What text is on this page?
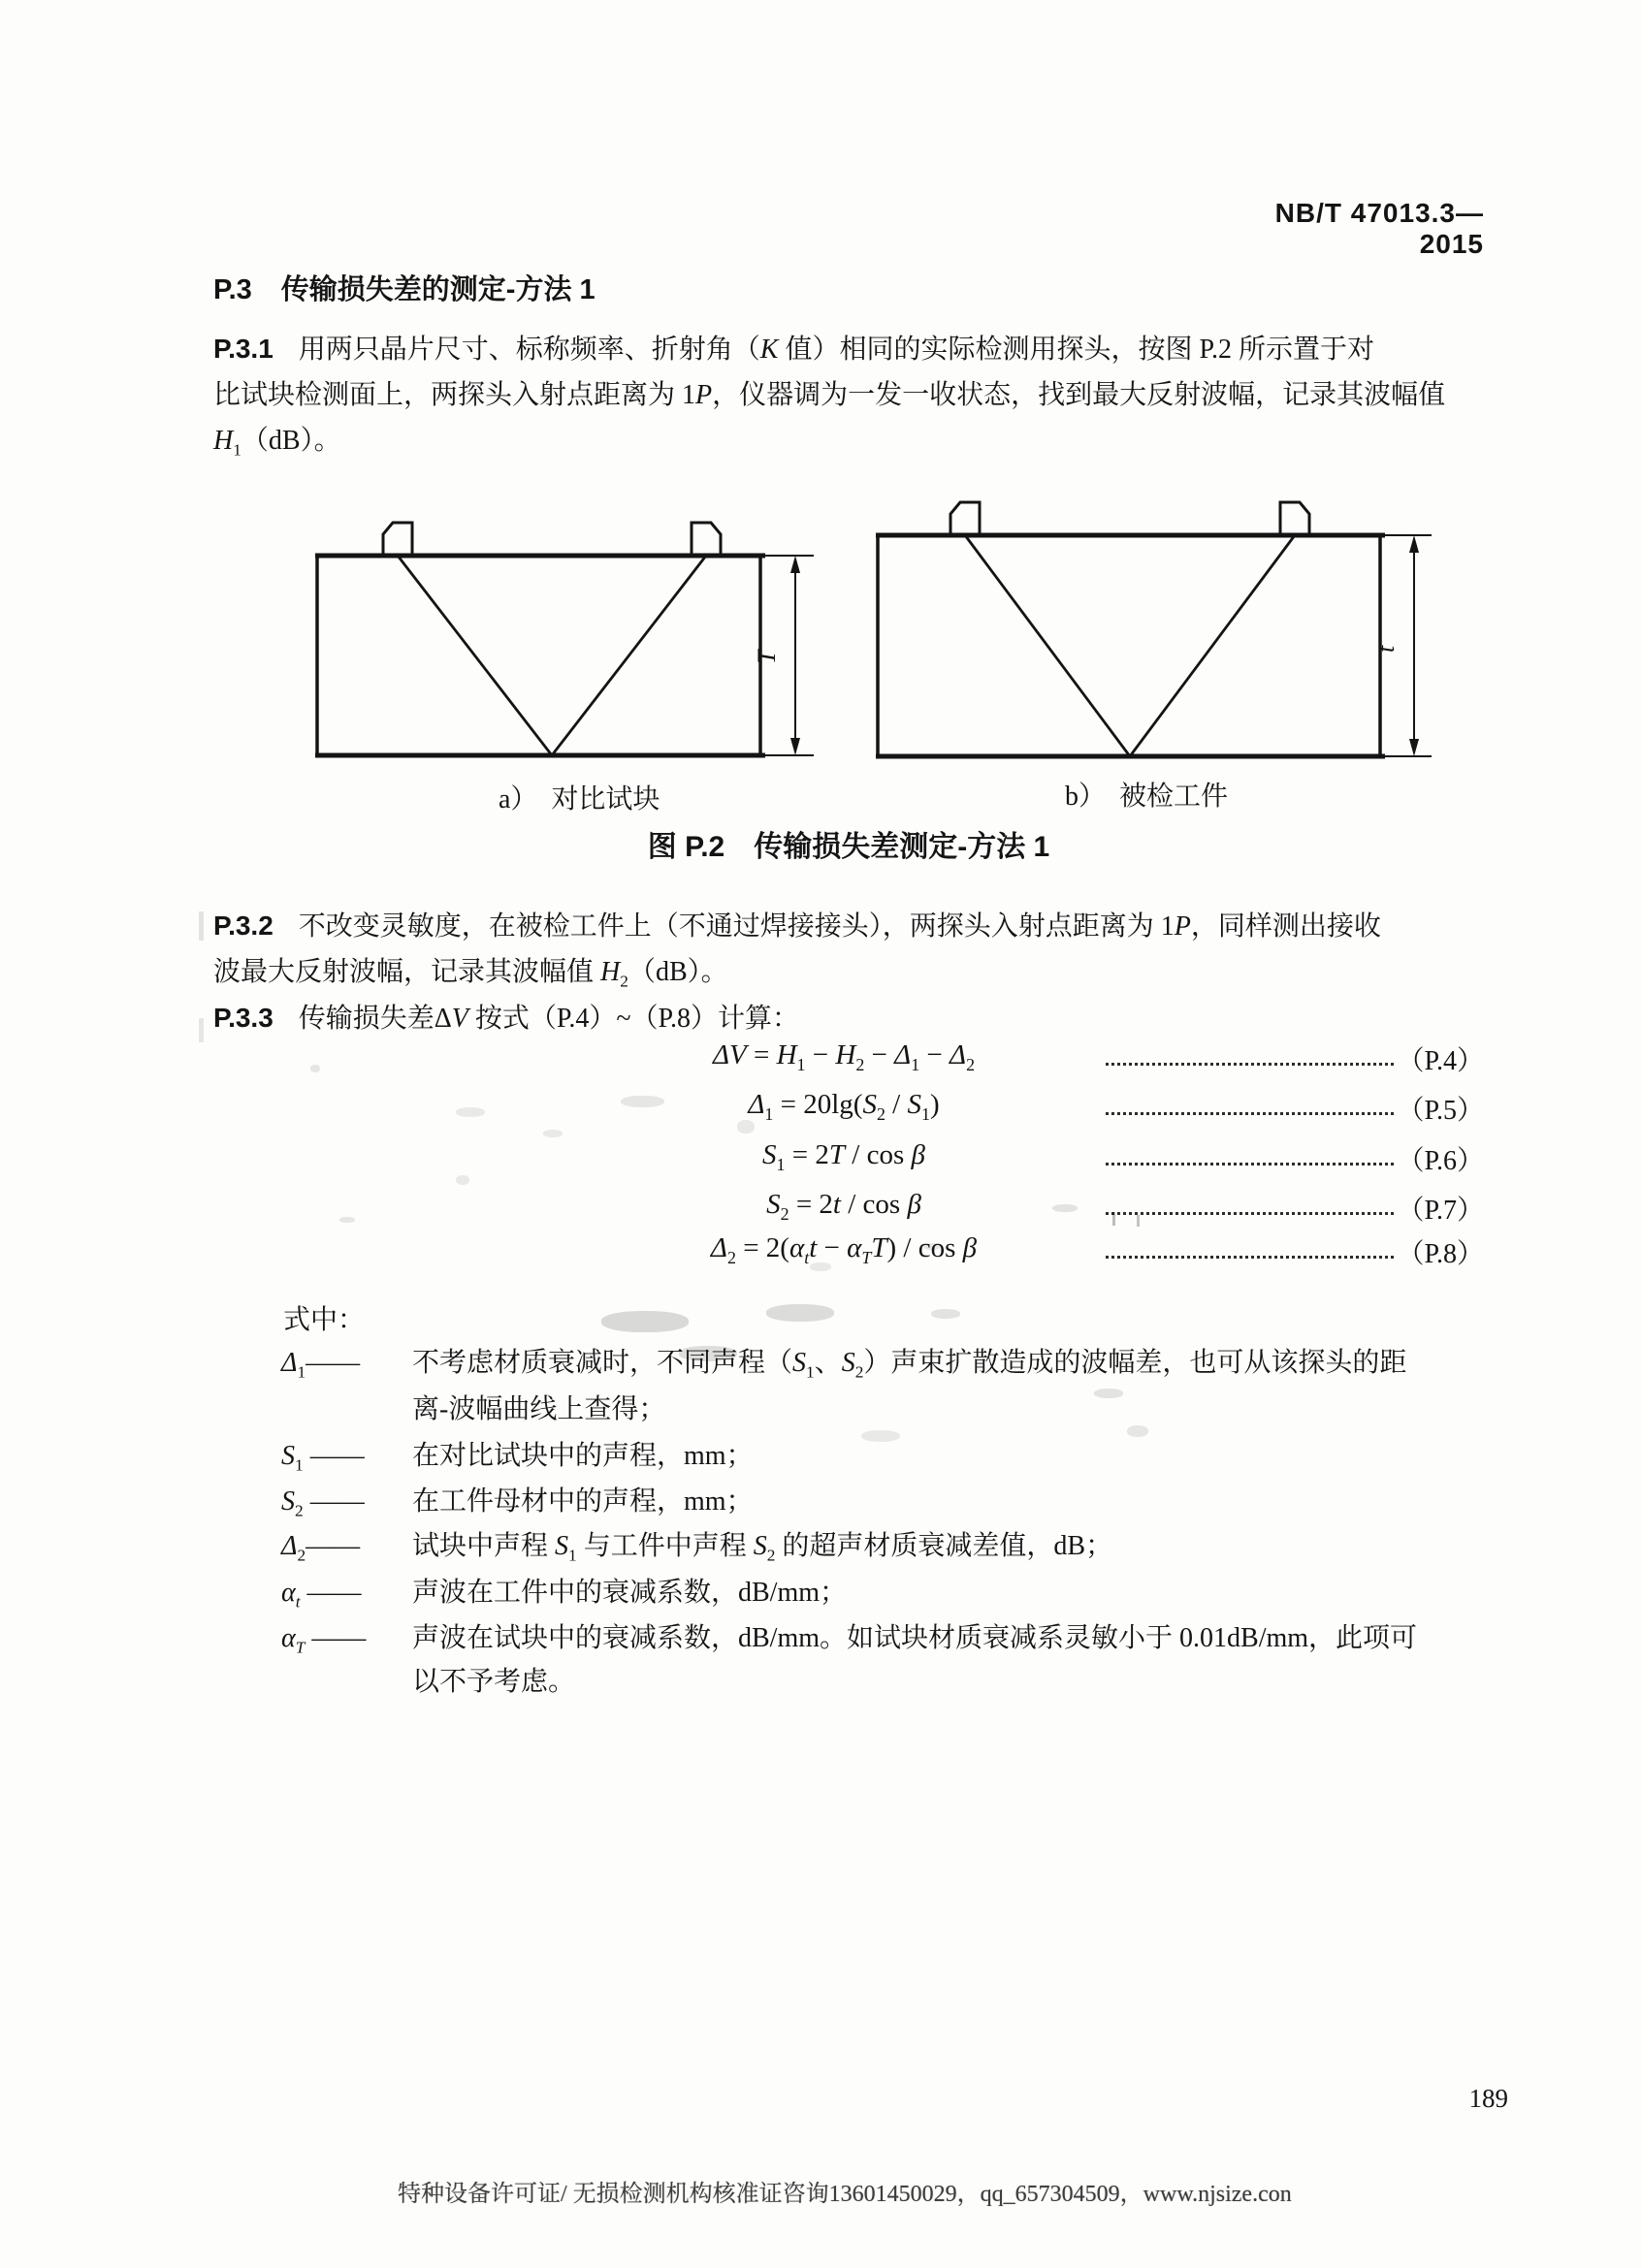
NB/T 47013.3—2015
P.3 传输损失差的测定-方法 1
P.3.1 用两只晶片尺寸、标称频率、折射角（K 值）相同的实际检测用探头，按图 P.2 所示置于对
比试块检测面上，两探头入射点距离为 1P，仪器调为一发一收状态，找到最大反射波幅，记录其波幅值
$H_1(dB)$。
T
t
a）　对比试块	b）　被检工件
图 P.2　传输损失差测定-方法 1
P.3.2 不改变灵敏度，在被检工件上（不通过焊接接头），两探头入射点距离为 1P，同样测出接收
波最大反射波幅，记录其波幅值 $H_2(dB)$。
P.3.3 传输损失差ΔV 按式（P.4）~（P.8）计算：
$\Delta V = H_1 - H_2 - \Delta_1 - \Delta_2$	（P.4）
$\Delta_1 = 20\lg(S_2 / S_1)$	（P.5）
$S_1 = 2T / \cos \beta$	（P.6）
$S_2 = 2t / \cos \beta$	（P.7）
$\Delta_2 = 2(\alpha_tt - \alpha_TT) / \cos \beta$	（P.8）
式中：
$\Delta_1——$ 不考虑材质衰减时，不同声程（$S_1$、$S_2$）声束扩散造成的波幅差，也可从该探头的距
离-波幅曲线上查得；
$S_1$ —— 在对比试块中的声程，mm；
$S_2$ —— 在工件母材中的声程，mm；
$\Delta_2——$ 试块中声程 $S_1$ 与工件中声程 $S_2$ 的超声材质衰减差值，dB；
$\alpha_t$ —— 声波在工件中的衰减系数，dB/mm；
$\alpha_T$ —— 声波在试块中的衰减系数，dB/mm。如试块材质衰减系灵敏小于 0.01dB/mm，此项可
以不予考虑。
189
特种设备许可证/ 无损检测机构核准证咨询13601450029，qq_657304509，www.njsize.con
